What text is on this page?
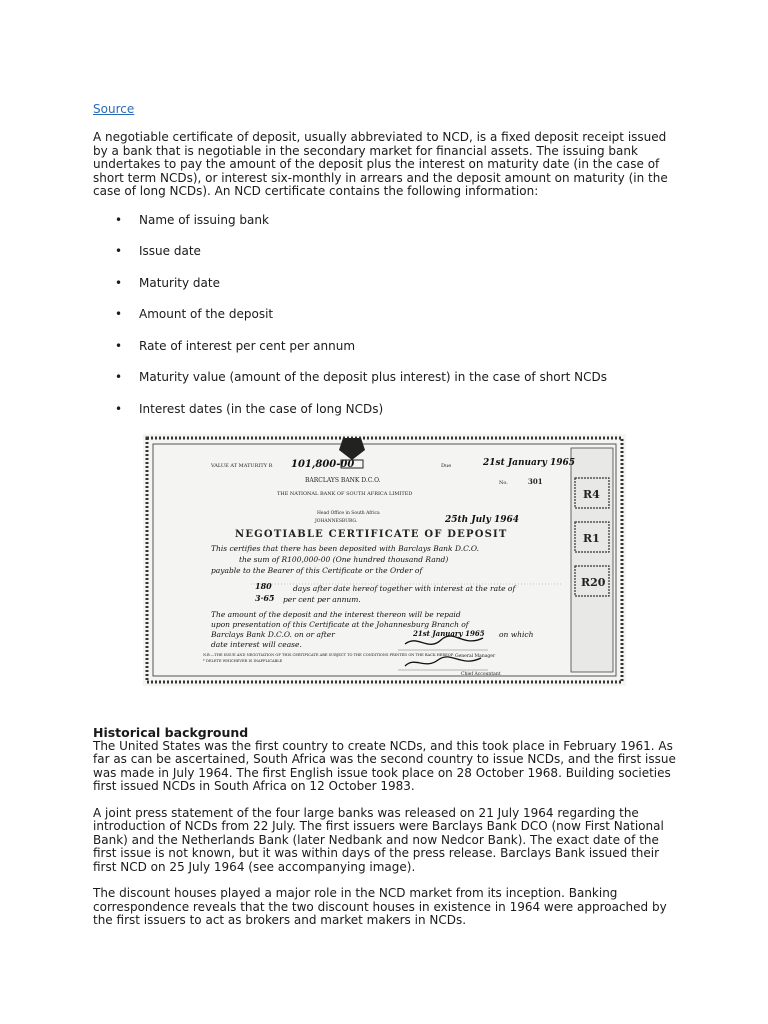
Source

A negotiable certificate of deposit, usually abbreviated to NCD, is a fixed deposit receipt issued by a bank that is negotiable in the secondary market for financial assets. The issuing bank undertakes to pay the amount of the deposit plus the interest on maturity date (in the case of short term NCDs), or interest six-monthly in arrears and the deposit amount on maturity (in the case of long NCDs). An NCD certificate contains the following information:

• Name of issuing bank
• Issue date
• Maturity date
• Amount of the deposit
• Rate of interest per cent per annum
• Maturity value (amount of the deposit plus interest) in the case of short NCDs
• Interest dates (in the case of long NCDs)
R4
R1
R20
VALUE AT MATURITY R 101,800-00	Due	21st January 1965
BARCLAYS BANK D.C.O.	No.	301
THE NATIONAL BANK OF SOUTH AFRICA LIMITED
Head Office in South Africa
JOHANNESBURG.	25th July 1964
NEGOTIABLE CERTIFICATE OF DEPOSIT
This certifies that there has been deposited with Barclays Bank D.C.O.
the sum of R100,000-00 (One hundred thousand Rand)
payable to the Bearer of this Certificate or the Order of
180	days after date hereof together with interest at the rate of
3·65 per cent per annum.
The amount of the deposit and the interest thereon will be repaid
upon presentation of this Certificate at the Johannesburg Branch of
Barclays Bank D.C.O. on or after	21st January 1965 on which
date interest will cease.
General Manager
Chief Accountant
N.B.—THE ISSUE AND NEGOTIATION OF THIS CERTIFICATE ARE SUBJECT TO THE CONDITIONS PRINTED ON THE BACK HEREOF.
* DELETE WHICHEVER IS INAPPLICABLE
Historical background

The United States was the first country to create NCDs, and this took place in February 1961. As far as can be ascertained, South Africa was the second country to issue NCDs, and the first issue was made in July 1964. The first English issue took place on 28 October 1968. Building societies first issued NCDs in South Africa on 12 October 1983.

A joint press statement of the four large banks was released on 21 July 1964 regarding the introduction of NCDs from 22 July. The first issuers were Barclays Bank DCO (now First National Bank) and the Netherlands Bank (later Nedbank and now Nedcor Bank). The exact date of the first issue is not known, but it was within days of the press release. Barclays Bank issued their first NCD on 25 July 1964 (see accompanying image).

The discount houses played a major role in the NCD market from its inception. Banking correspondence reveals that the two discount houses in existence in 1964 were approached by the first issuers to act as brokers and market makers in NCDs.
